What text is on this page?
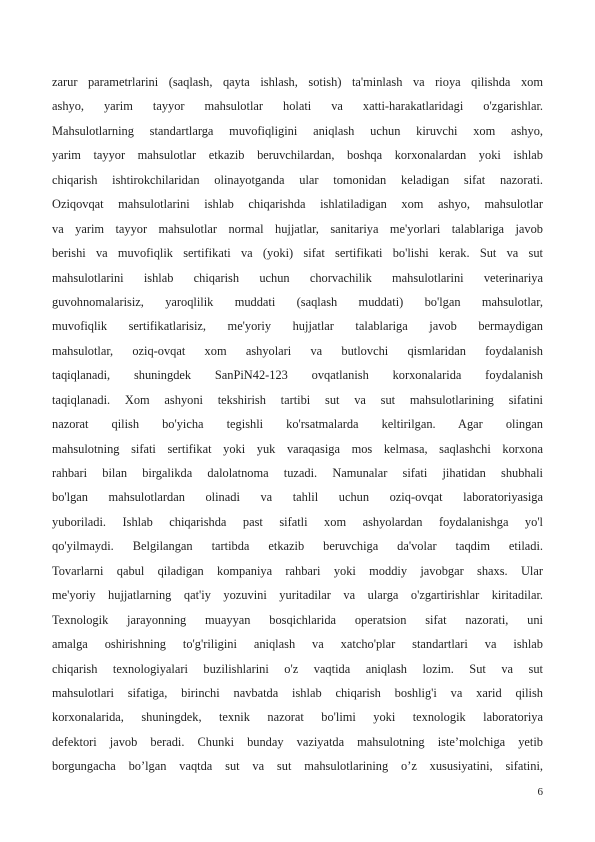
zarur parametrlarini (saqlash, qayta ishlash, sotish) ta'minlash va rioya qilishda xom
ashyo, yarim tayyor mahsulotlar holati va xatti-harakatlaridagi o'zgarishlar.
Mahsulotlarning standartlarga muvofiqligini aniqlash uchun kiruvchi xom ashyo,
yarim tayyor mahsulotlar etkazib beruvchilardan, boshqa korxonalardan yoki ishlab
chiqarish ishtirokchilaridan olinayotganda ular tomonidan keladigan sifat nazorati.
Oziqovqat mahsulotlarini ishlab chiqarishda ishlatiladigan xom ashyo, mahsulotlar
va yarim tayyor mahsulotlar normal hujjatlar, sanitariya me'yorlari talablariga javob
berishi va muvofiqlik sertifikati va (yoki) sifat sertifikati bo'lishi kerak. Sut va sut
mahsulotlarini ishlab chiqarish uchun chorvachilik mahsulotlarini veterinariya
guvohnomalarisiz, yaroqlilik muddati (saqlash muddati) bo'lgan mahsulotlar,
muvofiqlik sertifikatlarisiz, me'yoriy hujjatlar talablariga javob bermaydigan
mahsulotlar, oziq-ovqat xom ashyolari va butlovchi qismlaridan foydalanish
taqiqlanadi, shuningdek SanPiN42-123 ovqatlanish korxonalarida foydalanish
taqiqlanadi. Xom ashyoni tekshirish tartibi sut va sut mahsulotlarining sifatini
nazorat qilish bo'yicha tegishli ko'rsatmalarda keltirilgan. Agar olingan
mahsulotning sifati sertifikat yoki yuk varaqasiga mos kelmasa, saqlashchi korxona
rahbari bilan birgalikda dalolatnoma tuzadi. Namunalar sifati jihatidan shubhali
bo'lgan mahsulotlardan olinadi va tahlil uchun oziq-ovqat laboratoriyasiga
yuboriladi. Ishlab chiqarishda past sifatli xom ashyolardan foydalanishga yo'l
qo'yilmaydi. Belgilangan tartibda etkazib beruvchiga da'volar taqdim etiladi.
Tovarlarni qabul qiladigan kompaniya rahbari yoki moddiy javobgar shaxs. Ular
me'yoriy hujjatlarning qat'iy yozuvini yuritadilar va ularga o'zgartirishlar kiritadilar.
Texnologik jarayonning muayyan bosqichlarida operatsion sifat nazorati, uni
amalga oshirishning to'g'riligini aniqlash va xatcho'plar standartlari va ishlab
chiqarish texnologiyalari buzilishlarini o'z vaqtida aniqlash lozim. Sut va sut
mahsulotlari sifatiga, birinchi navbatda ishlab chiqarish boshlig'i va xarid qilish
korxonalarida, shuningdek, texnik nazorat bo'limi yoki texnologik laboratoriya
defektori javob beradi. Chunki bunday vaziyatda mahsulotning iste’molchiga yetib
borgungacha bo’lgan vaqtda sut va sut mahsulotlarining o’z xususiyatini, sifatini,
6
